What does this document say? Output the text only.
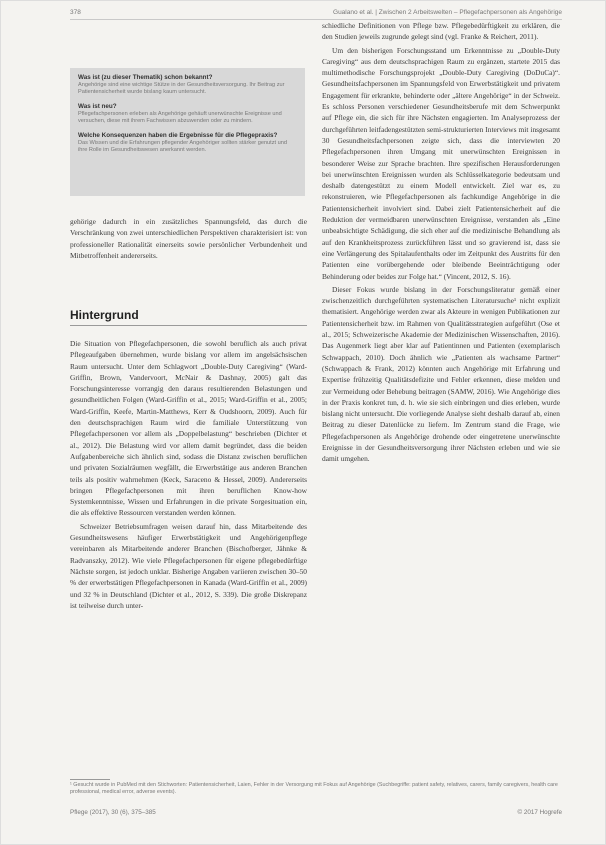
378	Gualano et al. | Zwischen 2 Arbeitswelten – Pflegefachpersonen als Angehörige

Was ist (zu dieser Thematik) schon bekannt?

Angehörige sind eine wichtige Stütze in der Gesundheitsversorgung. Ihr Beitrag zur Patientensicherheit wurde bislang kaum untersucht.

Was ist neu?

Pflegefachpersonen erleben als Angehörige gehäuft unerwünschte Ereignisse und versuchen, diese mit ihrem Fachwissen abzuwenden oder zu mindern.

Welche Konsequenzen haben die Ergebnisse für die Pflegepraxis?

Das Wissen und die Erfahrungen pflegender Angehöriger sollten stärker genutzt und ihre Rolle im Gesundheitswesen anerkannt werden.

gehörige dadurch in ein zusätzliches Spannungsfeld, das durch die Verschränkung von zwei unterschiedlichen Perspektiven charakterisiert ist: von professioneller Rationalität einerseits sowie persönlicher Verbundenheit und Mitbetroffenheit andererseits.

Hintergrund

Die Situation von Pflegefachpersonen, die sowohl beruflich als auch privat Pflegeaufgaben übernehmen, wurde bislang vor allem im angelsächsischen Raum untersucht. Unter dem Schlagwort „Double-Duty Caregiving“ (Ward-Griffin, Brown, Vandervoort, McNair & Dashnay, 2005) galt das Forschungsinteresse vorrangig den daraus resultierenden Belastungen und gesundheitlichen Folgen (Ward-Griffin et al., 2015; Ward-Griffin et al., 2005; Ward-Griffin, Keefe, Martin-Matthews, Kerr & Oudshoorn, 2009). Auch für den deutschsprachigen Raum wird die familiale Unterstützung von Pflegefachpersonen vor allem als „Doppelbelastung“ beschrieben (Dichter et al., 2012). Die Belastung wird vor allem damit begründet, dass die beiden Aufgabenbereiche sich ähnlich sind, sodass die Distanz zwischen beruflichen und privaten Sozialräumen wegfällt, die Erwerbstätige aus anderen Branchen teils als positiv wahrnehmen (Keck, Saraceno & Hessel, 2009). Andererseits bringen Pflegefachpersonen mit ihren beruflichen Know-how Systemkenntnisse, Wissen und Erfahrungen in die private Sorgesituation ein, die als effektive Ressourcen verstanden werden können.

Schweizer Betriebsumfragen weisen darauf hin, dass Mitarbeitende des Gesundheitswesens häufiger Erwerbstätigkeit und Angehörigenpflege vereinbaren als Mitarbeitende anderer Branchen (Bischofberger, Jähnke & Radvanszky, 2012). Wie viele Pflegefachpersonen für eigene pflegebedürftige Nächste sorgen, ist jedoch unklar. Bisherige Angaben variieren zwischen 30–50 % der erwerbstätigen Pflegefachpersonen in Kanada (Ward-Griffin et al., 2009) und 32 % in Deutschland (Dichter et al., 2012, S. 339). Die große Diskrepanz ist teilweise durch unter-

schiedliche Definitionen von Pflege bzw. Pflegebedürftigkeit zu erklären, die den Studien jeweils zugrunde gelegt sind (vgl. Franke & Reichert, 2011).

Um den bisherigen Forschungsstand um Erkenntnisse zu „Double-Duty Caregiving“ aus dem deutschsprachigen Raum zu ergänzen, startete 2015 das multimethodische Forschungsprojekt „Double-Duty Caregiving (DoDuCa)“. Gesundheitsfachpersonen im Spannungsfeld von Erwerbstätigkeit und privatem Engagement für erkrankte, behinderte oder „ältere Angehörige“ in der Schweiz. Es schloss Personen verschiedener Gesundheitsberufe mit dem Schwerpunkt auf Pflege ein, die sich für ihre Nächsten engagierten. Im Analyseprozess der durchgeführten leitfadengestützten semi-strukturierten Interviews mit insgesamt 30 Gesundheitsfachpersonen zeigte sich, dass die interviewten 20 Pflegefachpersonen ihren Umgang mit unerwünschten Ereignissen in besonderer Weise zur Sprache brachten. Ihre spezifischen Herausforderungen bei unerwünschten Ereignissen wurden als Schlüsselkategorie bedeutsam und deshalb datengestützt zu einem Modell entwickelt. Ziel war es, zu rekonstruieren, wie Pflegefachpersonen als fachkundige Angehörige in die Patientensicherheit involviert sind. Dabei zielt Patientensicherheit auf die Reduktion der vermeidbaren unerwünschten Ereignisse, verstanden als „Eine unbeabsichtigte Schädigung, die sich eher auf die medizinische Behandlung als auf den Krankheitsprozess zurückführen lässt und so gravierend ist, dass sie eine Verlängerung des Spitalaufenthalts oder im Zeitpunkt des Austritts für den Patienten eine vorübergehende oder bleibende Beeinträchtigung oder Behinderung oder beides zur Folge hat.“ (Vincent, 2012, S. 16).

Dieser Fokus wurde bislang in der Forschungsliteratur gemäß einer zwischenzeitlich durchgeführten systematischen Literatursuche¹ nicht explizit thematisiert. Angehörige werden zwar als Akteure in wenigen Publikationen zur Patientensicherheit bzw. im Rahmen von Qualitätsstrategien aufgeführt (Ose et al., 2015; Schweizerische Akademie der Medizinischen Wissenschaften, 2016). Das Augenmerk liegt aber klar auf Patientinnen und Patienten (exemplarisch Schwappach, 2010). Doch ähnlich wie „Patienten als wachsame Partner“ (Schwappach & Frank, 2012) könnten auch Angehörige mit Erfahrung und Expertise frühzeitig Qualitätsdefizite und Fehler erkennen, diese melden und zur Vermeidung oder Behebung beitragen (SAMW, 2016). Wie Angehörige dies in der Praxis konkret tun, d. h. wie sie sich einbringen und dies erleben, wurde bislang nicht untersucht. Die vorliegende Analyse sieht deshalb darauf ab, einen Beitrag zu dieser Datenlücke zu liefern. Im Zentrum stand die Frage, wie Pflegefachpersonen als Angehörige drohende oder eingetretene unerwünschte Ereignisse in der Gesundheitsversorgung ihrer Nächsten erleben und wie sie damit umgehen.

¹ Gesucht wurde in PubMed mit den Stichworten: Patientensicherheit, Laien, Fehler in der Versorgung mit Fokus auf Angehörige (Suchbegriffe: patient safety, relatives, carers, family caregivers, health care professional, medical error, adverse events).
Pflege (2017), 30 (6), 375–385	© 2017 Hogrefe
